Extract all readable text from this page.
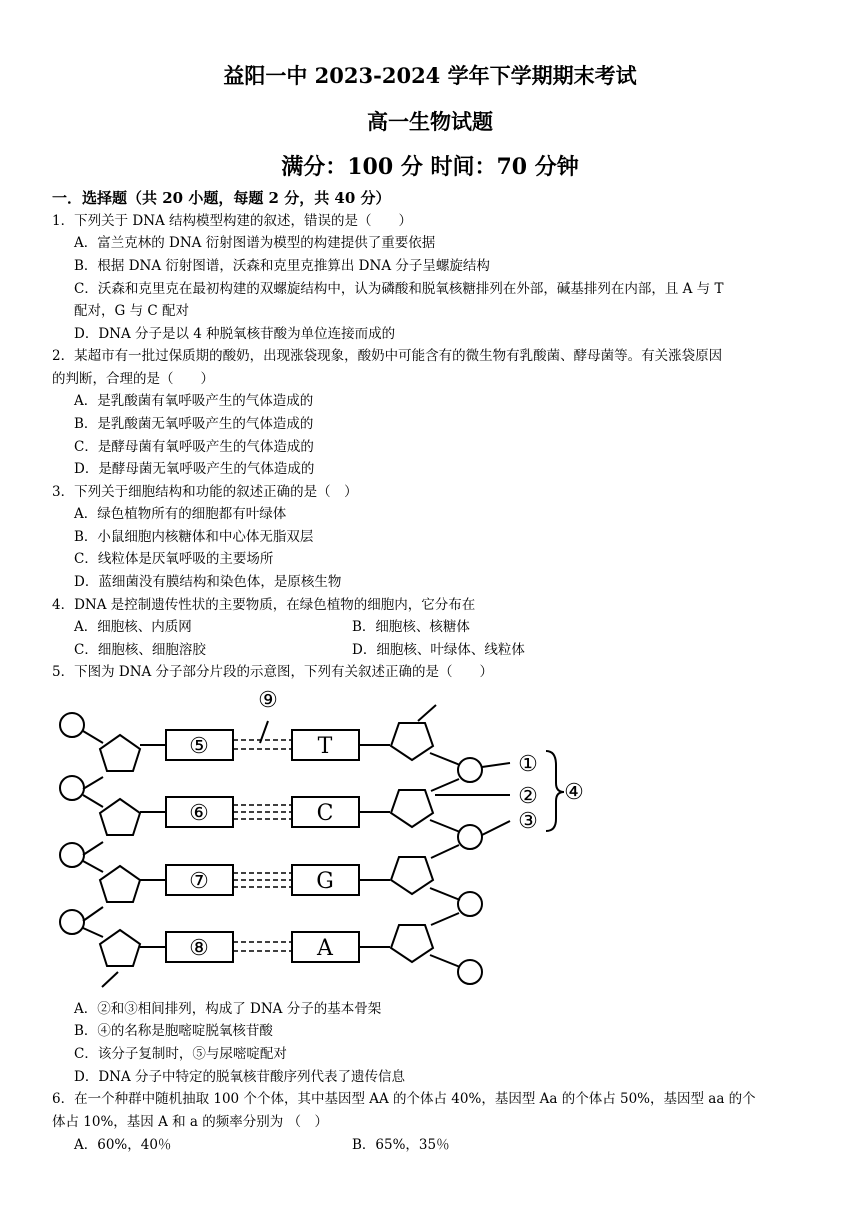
益阳一中 2023-2024 学年下学期期末考试
高一生物试题
满分：100 分 时间：70 分钟
一．选择题（共 20 小题，每题 2 分，共 40 分）
1．下列关于 DNA 结构模型构建的叙述，错误的是（　　）
A．富兰克林的 DNA 衍射图谱为模型的构建提供了重要依据
B．根据 DNA 衍射图谱，沃森和克里克推算出 DNA 分子呈螺旋结构
C．沃森和克里克在最初构建的双螺旋结构中，认为磷酸和脱氧核糖排列在外部，碱基排列在内部，且 A 与 T
配对，G 与 C 配对
D．DNA 分子是以 4 种脱氧核苷酸为单位连接而成的
2．某超市有一批过保质期的酸奶，出现涨袋现象，酸奶中可能含有的微生物有乳酸菌、酵母菌等。有关涨袋原因
的判断，合理的是（　　）
A．是乳酸菌有氧呼吸产生的气体造成的
B．是乳酸菌无氧呼吸产生的气体造成的
C．是酵母菌有氧呼吸产生的气体造成的
D．是酵母菌无氧呼吸产生的气体造成的
3．下列关于细胞结构和功能的叙述正确的是（　）
A．绿色植物所有的细胞都有叶绿体
B．小鼠细胞内核糖体和中心体无脂双层
C．线粒体是厌氧呼吸的主要场所
D．蓝细菌没有膜结构和染色体，是原核生物
4．DNA 是控制遗传性状的主要物质，在绿色植物的细胞内，它分布在
A．细胞核、内质网	B．细胞核、核糖体
C．细胞核、细胞溶胶	D．细胞核、叶绿体、线粒体
5．下图为 DNA 分子部分片段的示意图，下列有关叙述正确的是（　　）
⑤
⑥
⑦
⑧
T
C
G
A
⑨
①
②
③
④
A．②和③相间排列，构成了 DNA 分子的基本骨架
B．④的名称是胞嘧啶脱氧核苷酸
C．该分子复制时，⑤与尿嘧啶配对
D．DNA 分子中特定的脱氧核苷酸序列代表了遗传信息
6．在一个种群中随机抽取 100 个个体，其中基因型 AA 的个体占 40%，基因型 Aa 的个体占 50%，基因型 aa 的个
体占 10%，基因 A 和 a 的频率分别为 （　）
A．60%，40％	B．65%，35％
